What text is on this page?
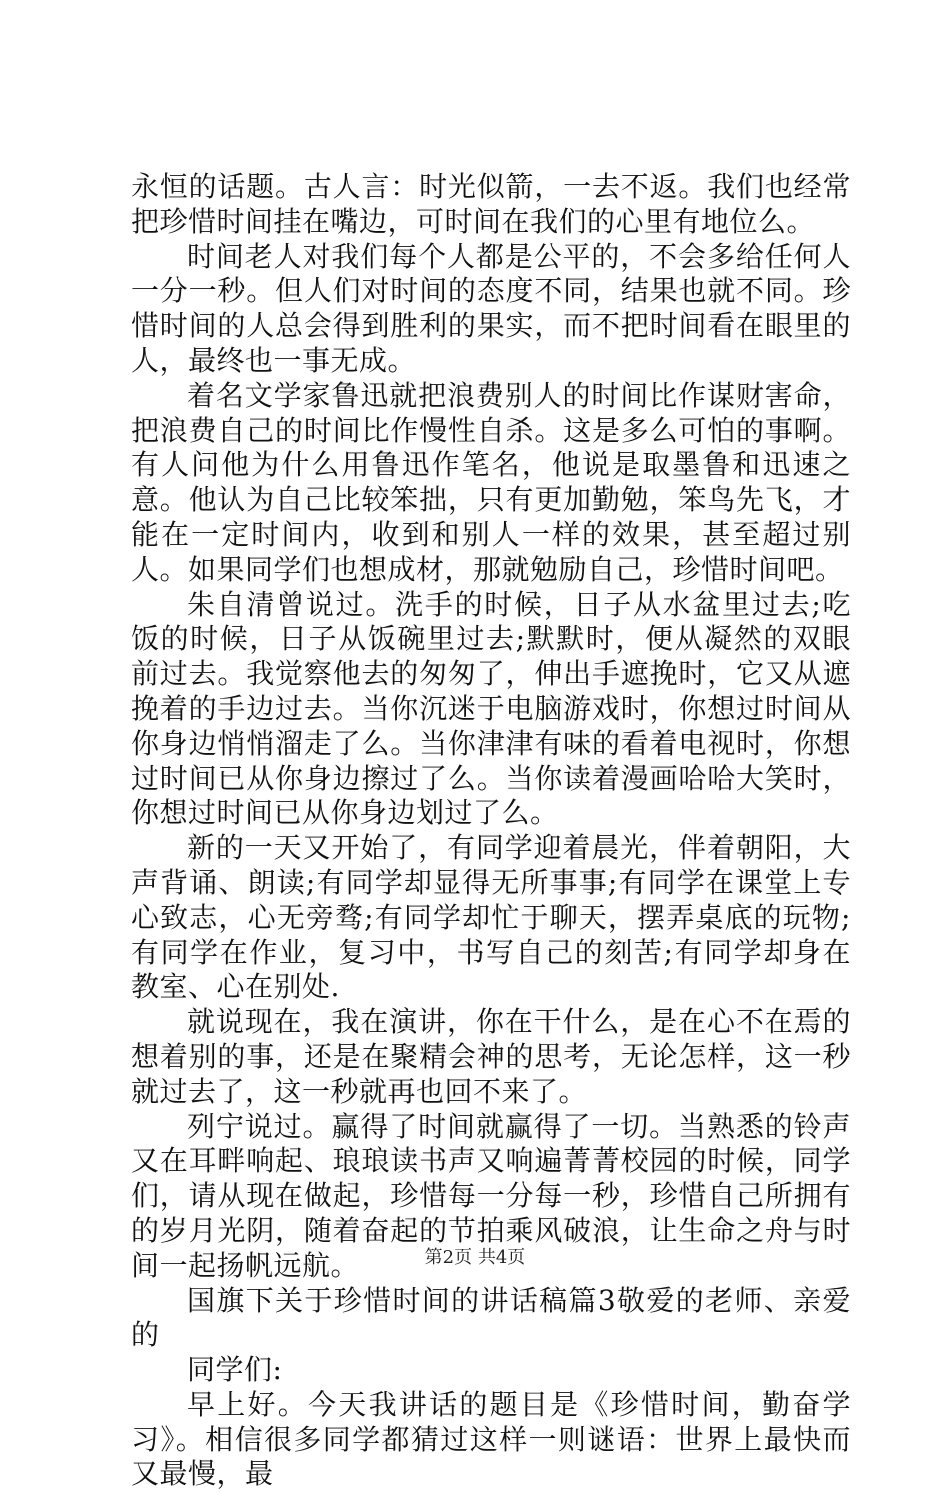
永恒的话题。古人言：时光似箭，一去不返。我们也经常把珍惜时间挂在嘴边，可时间在我们的心里有地位么。

时间老人对我们每个人都是公平的，不会多给任何人一分一秒。但人们对时间的态度不同，结果也就不同。珍惜时间的人总会得到胜利的果实，而不把时间看在眼里的人，最终也一事无成。

着名文学家鲁迅就把浪费别人的时间比作谋财害命，把浪费自己的时间比作慢性自杀。这是多么可怕的事啊。有人问他为什么用鲁迅作笔名，他说是取墨鲁和迅速之意。他认为自己比较笨拙，只有更加勤勉，笨鸟先飞，才能在一定时间内，收到和别人一样的效果，甚至超过别人。如果同学们也想成材，那就勉励自己，珍惜时间吧。

朱自清曾说过。洗手的时候，日子从水盆里过去;吃饭的时候，日子从饭碗里过去;默默时，便从凝然的双眼前过去。我觉察他去的匆匆了，伸出手遮挽时，它又从遮挽着的手边过去。当你沉迷于电脑游戏时，你想过时间从你身边悄悄溜走了么。当你津津有味的看着电视时，你想过时间已从你身边擦过了么。当你读着漫画哈哈大笑时，你想过时间已从你身边划过了么。

新的一天又开始了，有同学迎着晨光，伴着朝阳，大声背诵、朗读;有同学却显得无所事事;有同学在课堂上专心致志，心无旁骛;有同学却忙于聊天，摆弄桌底的玩物;有同学在作业，复习中，书写自己的刻苦;有同学却身在教室、心在别处.

就说现在，我在演讲，你在干什么，是在心不在焉的想着别的事，还是在聚精会神的思考，无论怎样，这一秒就过去了，这一秒就再也回不来了。

列宁说过。赢得了时间就赢得了一切。当熟悉的铃声又在耳畔响起、琅琅读书声又响遍菁菁校园的时候，同学们，请从现在做起，珍惜每一分每一秒，珍惜自己所拥有的岁月光阴，随着奋起的节拍乘风破浪，让生命之舟与时间一起扬帆远航。

国旗下关于珍惜时间的讲话稿篇3敬爱的老师、亲爱的

同学们:

早上好。今天我讲话的题目是《珍惜时间，勤奋学习》。相信很多同学都猜过这样一则谜语：世界上最快而又最慢，最

第2页 共4页
